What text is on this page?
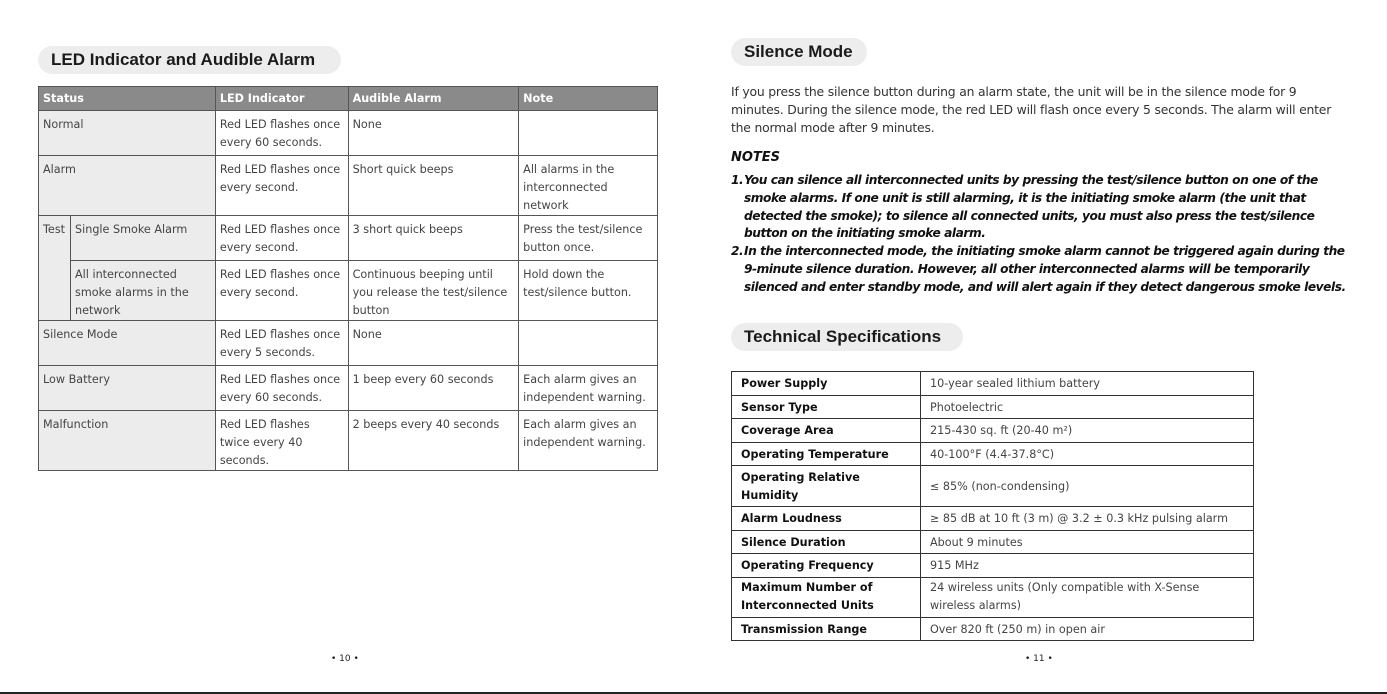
LED Indicator and Audible Alarm
Status		LED Indicator	Audible Alarm	Note
Normal		Red LED flashes once every 60 seconds.	None	
Alarm		Red LED flashes once every second.	Short quick beeps	All alarms in the interconnected network
Test	Single Smoke Alarm	Red LED flashes once every second.	3 short quick beeps	Press the test/silence button once.
	All interconnected smoke alarms in the network	Red LED flashes once every second.	Continuous beeping until you release the test/silence button	Hold down the test/silence button.
Silence Mode		Red LED flashes once every 5 seconds.	None	
Low Battery		Red LED flashes once every 60 seconds.	1 beep every 60 seconds	Each alarm gives an independent warning.
Malfunction		Red LED flashes twice every 40 seconds.	2 beeps every 40 seconds	Each alarm gives an independent warning.
• 10 •
Silence Mode

If you press the silence button during an alarm state, the unit will be in the silence mode for 9 minutes. During the silence mode, the red LED will flash once every 5 seconds. The alarm will enter the normal mode after 9 minutes.

NOTES
1. You can silence all interconnected units by pressing the test/silence button on one of the smoke alarms. If one unit is still alarming, it is the initiating smoke alarm (the unit that detected the smoke); to silence all connected units, you must also press the test/silence button on the initiating smoke alarm.
2. In the interconnected mode, the initiating smoke alarm cannot be triggered again during the 9-minute silence duration. However, all other interconnected alarms will be temporarily silenced and enter standby mode, and will alert again if they detect dangerous smoke levels.
Technical Specifications
Power Supply	10-year sealed lithium battery
Sensor Type	Photoelectric
Coverage Area	215-430 sq. ft (20-40 m²)
Operating Temperature	40-100°F (4.4-37.8°C)
Operating Relative Humidity	≤ 85% (non-condensing)
Alarm Loudness	≥ 85 dB at 10 ft (3 m) @ 3.2 ± 0.3 kHz pulsing alarm
Silence Duration	About 9 minutes
Operating Frequency	915 MHz
Maximum Number of Interconnected Units	24 wireless units (Only compatible with X-Sense wireless alarms)
Transmission Range	Over 820 ft (250 m) in open air
• 11 •
